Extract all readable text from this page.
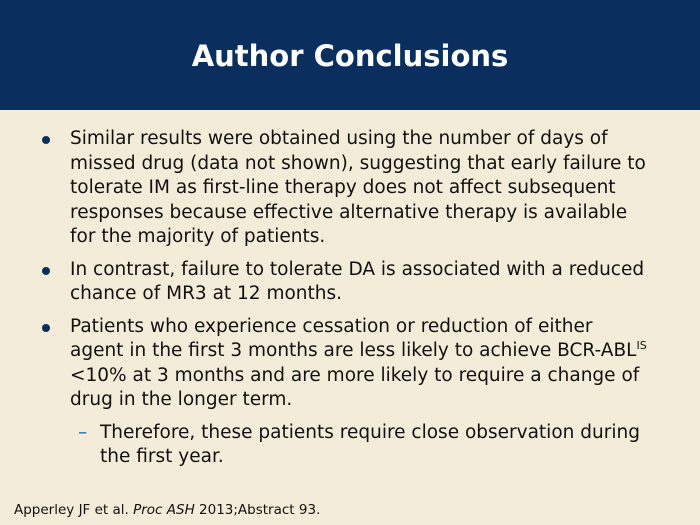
Author Conclusions
Similar results were obtained using the number of days of missed drug (data not shown), suggesting that early failure to tolerate IM as first-line therapy does not affect subsequent responses because effective alternative therapy is available for the majority of patients.
In contrast, failure to tolerate DA is associated with a reduced chance of MR3 at 12 months.
Patients who experience cessation or reduction of either agent in the first 3 months are less likely to achieve BCR-$ABL^{IS} <10\%$ at 3 months and are more likely to require a change of drug in the longer term.
– Therefore, these patients require close observation during the first year.
Apperley JF et al. Proc ASH 2013;Abstract 93.
